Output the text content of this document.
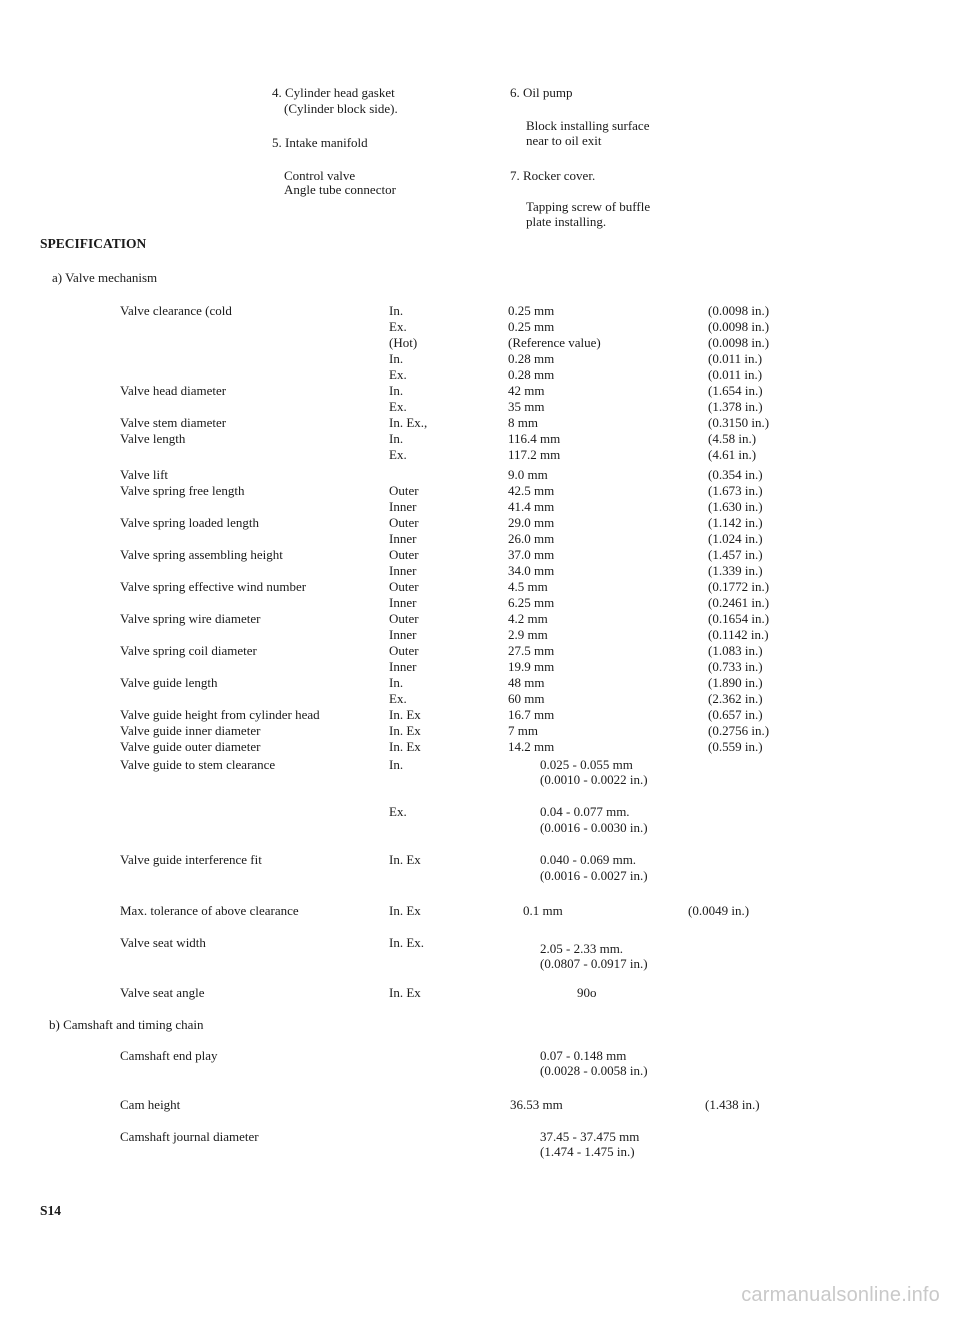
4. Cylinder head gasket
(Cylinder block side).
5. Intake manifold
Control valve
Angle tube connector
6. Oil pump
Block installing surface
near to oil exit
7. Rocker cover.
Tapping screw of buffle
plate installing.
SPECIFICATION
a) Valve mechanism
Valve clearance (cold	In.	0.25 mm	(0.0098 in.)
Ex.	0.25 mm	(0.0098 in.)
(Hot)	(Reference value)	(0.0098 in.)
In.	0.28 mm	(0.011 in.)
Ex.	0.28 mm	(0.011 in.)
Valve head diameter	In.	42 mm	(1.654 in.)
Ex.	35 mm	(1.378 in.)
Valve stem diameter	In. Ex.,	8 mm	(0.3150 in.)
Valve length	In.	116.4 mm	(4.58 in.)
Ex.	117.2 mm	(4.61 in.)
Valve lift	9.0 mm	(0.354 in.)
Valve spring free length	Outer	42.5 mm	(1.673 in.)
Inner	41.4 mm	(1.630 in.)
Valve spring loaded length	Outer	29.0 mm	(1.142 in.)
Inner	26.0 mm	(1.024 in.)
Valve spring assembling height	Outer	37.0 mm	(1.457 in.)
Inner	34.0 mm	(1.339 in.)
Valve spring effective wind number	Outer	4.5 mm	(0.1772 in.)
Inner	6.25 mm	(0.2461 in.)
Valve spring wire diameter	Outer	4.2 mm	(0.1654 in.)
Inner	2.9 mm	(0.1142 in.)
Valve spring coil diameter	Outer	27.5 mm	(1.083 in.)
Inner	19.9 mm	(0.733 in.)
Valve guide length	In.	48 mm	(1.890 in.)
Ex.	60 mm	(2.362 in.)
Valve guide height from cylinder head	In. Ex	16.7 mm	(0.657 in.)
Valve guide inner diameter	In. Ex	7 mm	(0.2756 in.)
Valve guide outer diameter	In. Ex	14.2 mm	(0.559 in.)
Valve guide to stem clearance	In.	0.025 - 0.055 mm
(0.0010 - 0.0022 in.)
Ex.	0.04 - 0.077 mm.
(0.0016 - 0.0030 in.)
Valve guide interference fit	In. Ex	0.040 - 0.069 mm.
(0.0016 - 0.0027 in.)
Max. tolerance of above clearance	In. Ex	0.1 mm	(0.0049 in.)
Valve seat width	In. Ex.	2.05 - 2.33 mm.
(0.0807 - 0.0917 in.)
Valve seat angle	In. Ex	90o
b) Camshaft and timing chain
Camshaft end play	0.07 - 0.148 mm
(0.0028 - 0.0058 in.)
Cam height	36.53 mm	(1.438 in.)
Camshaft journal diameter	37.45 - 37.475 mm
(1.474 - 1.475 in.)
S14
carmanualsonline.info
